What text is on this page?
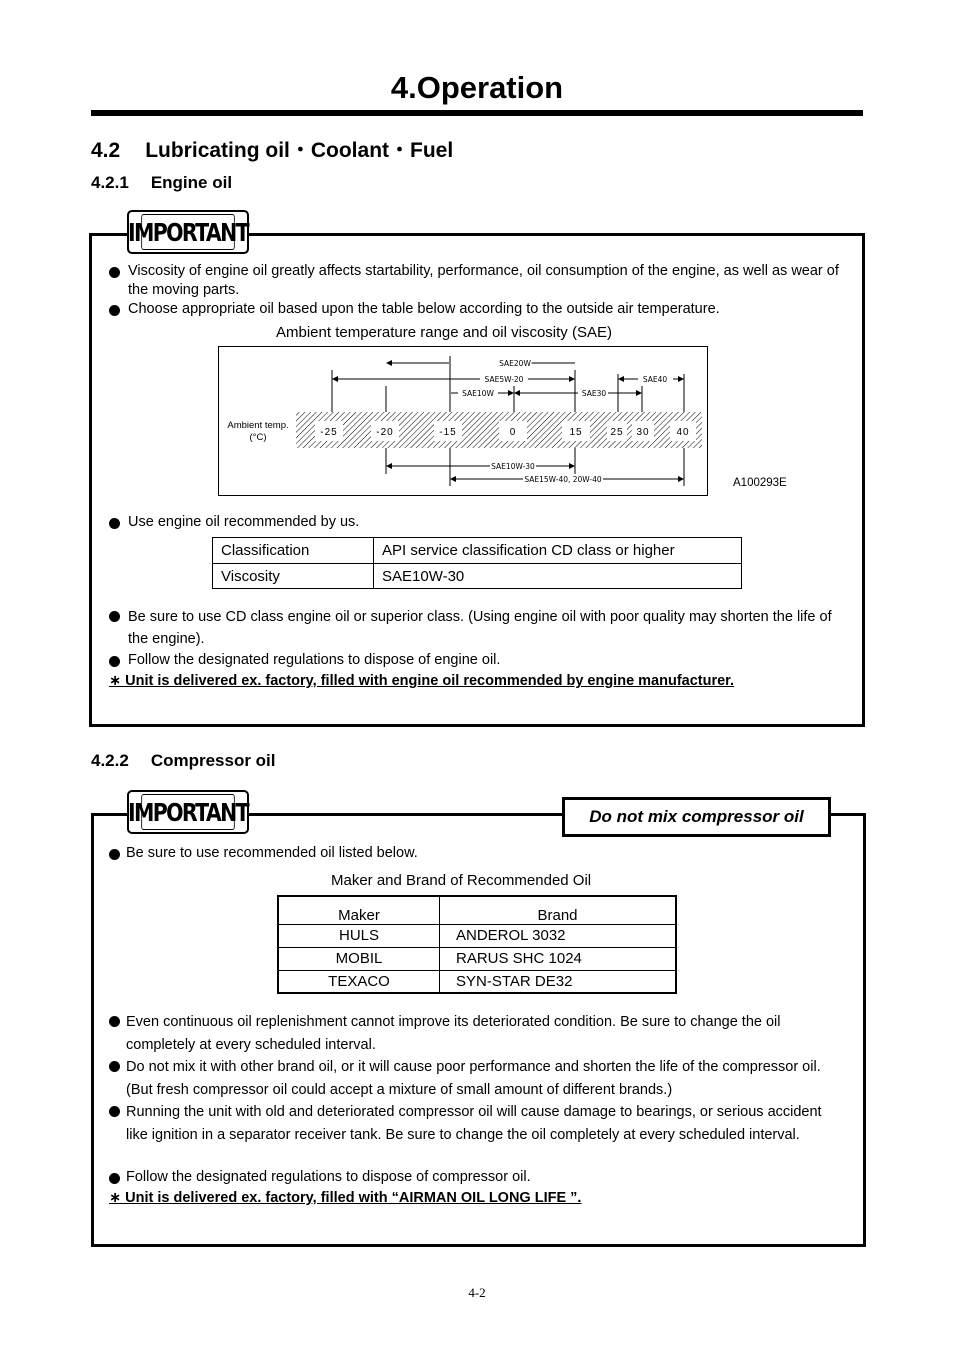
4.Operation
4.2 Lubricating oil・Coolant・Fuel
4.2.1 Engine oil
IMPORTANT
Viscosity of engine oil greatly affects startability, performance, oil consumption of the engine, as well as wear of the moving parts.
Choose appropriate oil based upon the table below according to the outside air temperature.
Ambient temperature range and oil viscosity (SAE)
-25	-20	-15	0	15	25 30	40
Ambient temp.
(°C)
SAE20W
SAE5W-20	SAE40
SAE10W	SAE30
SAE10W-30
SAE15W-40, 20W-40	A100293E
Use engine oil recommended by us.
Classification	API service classification CD class or higher
Viscosity	SAE10W-30
Be sure to use CD class engine oil or superior class. (Using engine oil with poor quality may shorten the life of the engine).
Follow the designated regulations to dispose of engine oil.
∗ Unit is delivered ex. factory, filled with engine oil recommended by engine manufacturer.
4.2.2 Compressor oil
IMPORTANT	Do not mix compressor oil
Be sure to use recommended oil listed below.
Maker and Brand of Recommended Oil
Maker	Brand
HULS	ANDEROL 3032
MOBIL	RARUS SHC 1024
TEXACO	SYN-STAR DE32
Even continuous oil replenishment cannot improve its deteriorated condition. Be sure to change the oil completely at every scheduled interval.
Do not mix it with other brand oil, or it will cause poor performance and shorten the life of the compressor oil. (But fresh compressor oil could accept a mixture of small amount of different brands.)
Running the unit with old and deteriorated compressor oil will cause damage to bearings, or serious accident like ignition in a separator receiver tank. Be sure to change the oil completely at every scheduled interval.
Follow the designated regulations to dispose of compressor oil.
∗ Unit is delivered ex. factory, filled with “AIRMAN OIL LONG LIFE ”.
4-2
